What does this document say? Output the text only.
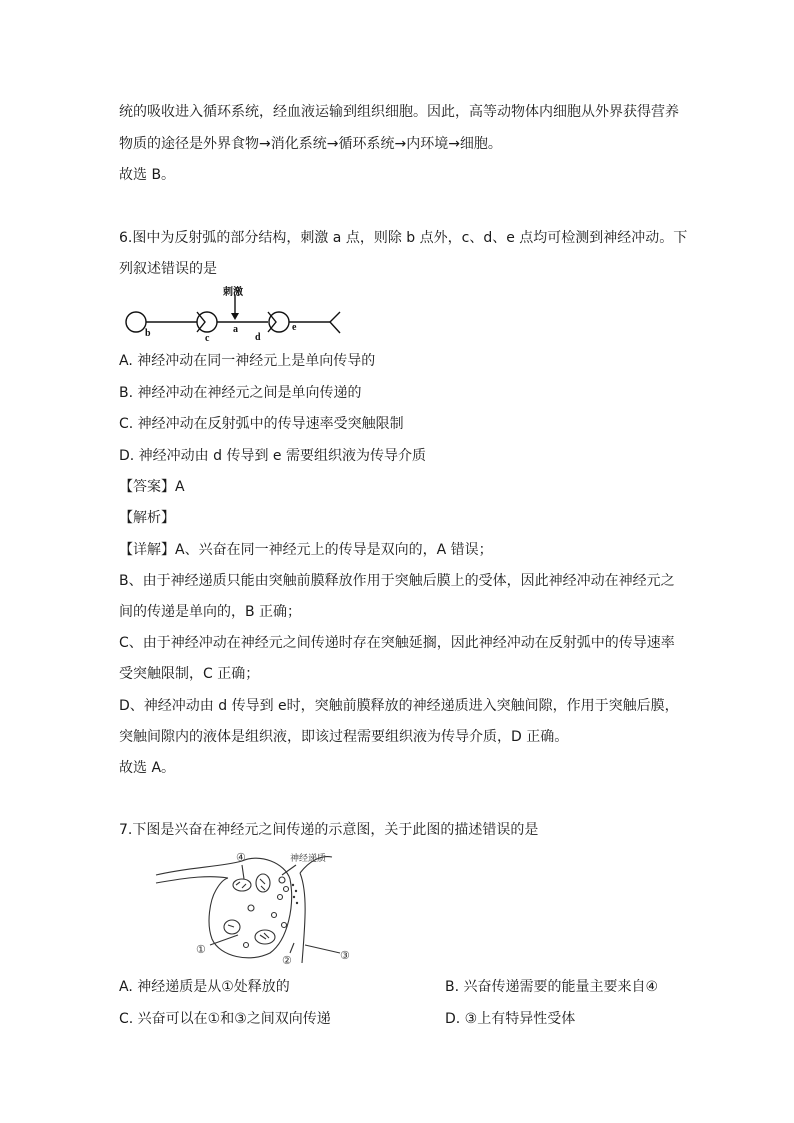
统的吸收进入循环系统，经血液运输到组织细胞。因此，高等动物体内细胞从外界获得营养
物质的途径是外界食物→消化系统→循环系统→内环境→细胞。
故选 B。
6.图中为反射弧的部分结构，刺激 a 点，则除 b 点外，c、d、e 点均可检测到神经冲动。下
列叙述错误的是
刺激
a
b	c	d
e
A. 神经冲动在同一神经元上是单向传导的
B. 神经冲动在神经元之间是单向传递的
C. 神经冲动在反射弧中的传导速率受突触限制
D. 神经冲动由 d 传导到 e 需要组织液为传导介质
【答案】A
【解析】
【详解】A、兴奋在同一神经元上的传导是双向的，A 错误；
B、由于神经递质只能由突触前膜释放作用于突触后膜上的受体，因此神经冲动在神经元之
间的传递是单向的，B 正确；
C、由于神经冲动在神经元之间传递时存在突触延搁，因此神经冲动在反射弧中的传导速率
受突触限制，C 正确；
D、神经冲动由 d 传导到 e时，突触前膜释放的神经递质进入突触间隙，作用于突触后膜，
突触间隙内的液体是组织液，即该过程需要组织液为传导介质，D 正确。
故选 A。
7.下图是兴奋在神经元之间传递的示意图，关于此图的描述错误的是
神经递质
④
①
②	③
A. 神经递质是从①处释放的	B. 兴奋传递需要的能量主要来自④
C. 兴奋可以在①和③之间双向传递	D. ③上有特异性受体
